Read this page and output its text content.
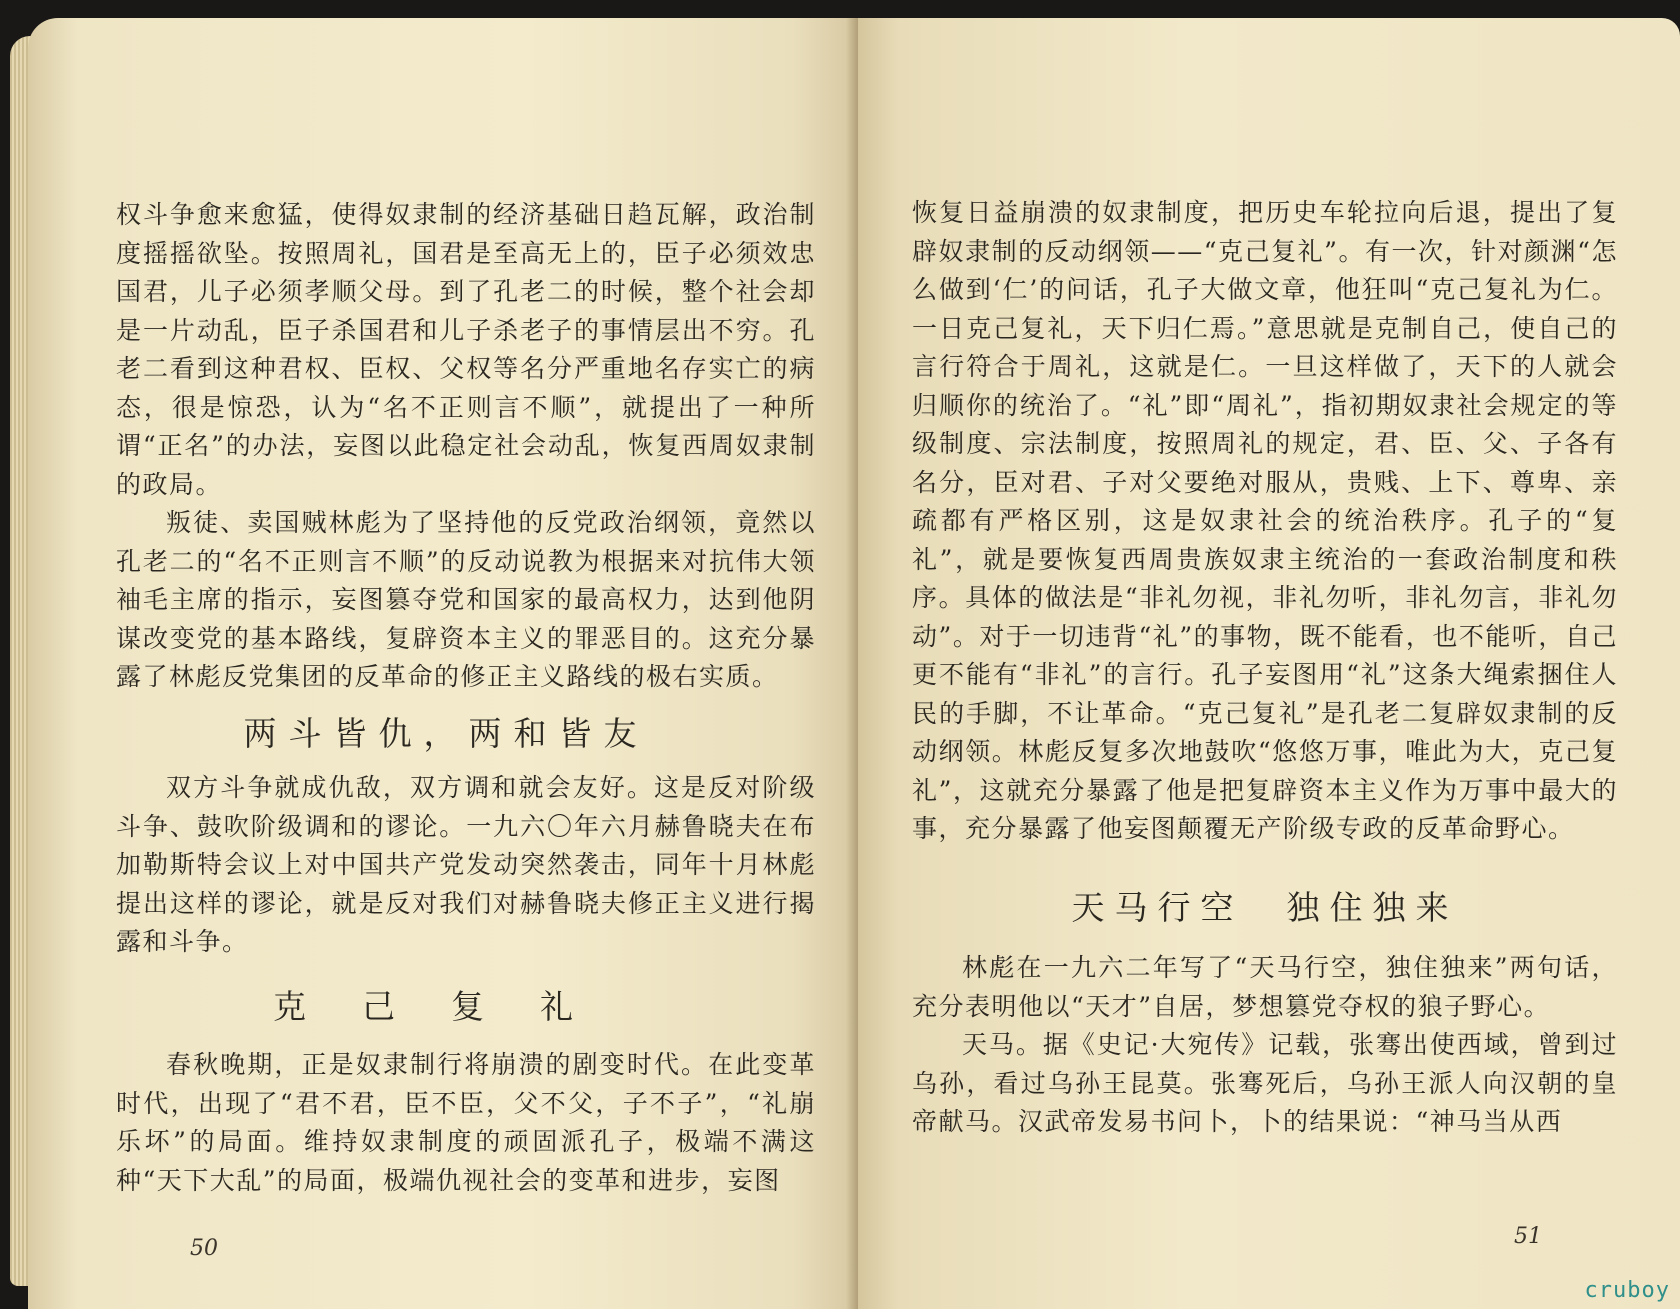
权斗争愈来愈猛，使得奴隶制的经济基础日趋瓦解，政治制度摇摇欲坠。按照周礼，国君是至高无上的，臣子必须效忠国君，儿子必须孝顺父母。到了孔老二的时候，整个社会却是一片动乱，臣子杀国君和儿子杀老子的事情层出不穷。孔老二看到这种君权、臣权、父权等名分严重地名存实亡的病态，很是惊恐，认为“名不正则言不顺”，就提出了一种所谓“正名”的办法，妄图以此稳定社会动乱，恢复西周奴隶制的政局。

叛徒、卖国贼林彪为了坚持他的反党政治纲领，竟然以孔老二的“名不正则言不顺”的反动说教为根据来对抗伟大领袖毛主席的指示，妄图篡夺党和国家的最高权力，达到他阴谋改变党的基本路线，复辟资本主义的罪恶目的。这充分暴露了林彪反党集团的反革命的修正主义路线的极右实质。

两斗皆仇，两和皆友

双方斗争就成仇敌，双方调和就会友好。这是反对阶级斗争、鼓吹阶级调和的谬论。一九六〇年六月赫鲁晓夫在布加勒斯特会议上对中国共产党发动突然袭击，同年十月林彪提出这样的谬论，就是反对我们对赫鲁晓夫修正主义进行揭露和斗争。

克己复礼

春秋晚期，正是奴隶制行将崩溃的剧变时代。在此变革时代，出现了“君不君，臣不臣，父不父，子不子”，“礼崩乐坏”的局面。维持奴隶制度的顽固派孔子，极端不满这种“天下大乱”的局面，极端仇视社会的变革和进步，妄图

50

恢复日益崩溃的奴隶制度，把历史车轮拉向后退，提出了复辟奴隶制的反动纲领——“克己复礼”。有一次，针对颜渊“怎么做到‘仁’的问话，孔子大做文章，他狂叫“克己复礼为仁。一日克己复礼，天下归仁焉。”意思就是克制自己，使自己的言行符合于周礼，这就是仁。一旦这样做了，天下的人就会归顺你的统治了。“礼”即“周礼”，指初期奴隶社会规定的等级制度、宗法制度，按照周礼的规定，君、臣、父、子各有名分，臣对君、子对父要绝对服从，贵贱、上下、尊卑、亲疏都有严格区别，这是奴隶社会的统治秩序。孔子的“复礼”，就是要恢复西周贵族奴隶主统治的一套政治制度和秩序。具体的做法是“非礼勿视，非礼勿听，非礼勿言，非礼勿动”。对于一切违背“礼”的事物，既不能看，也不能听，自己更不能有“非礼”的言行。孔子妄图用“礼”这条大绳索捆住人民的手脚，不让革命。“克己复礼”是孔老二复辟奴隶制的反动纲领。林彪反复多次地鼓吹“悠悠万事，唯此为大，克己复礼”，这就充分暴露了他是把复辟资本主义作为万事中最大的事，充分暴露了他妄图颠覆无产阶级专政的反革命野心。

天马行空　独住独来

林彪在一九六二年写了“天马行空，独住独来”两句话，充分表明他以“天才”自居，梦想篡党夺权的狼子野心。

天马。据《史记·大宛传》记载，张骞出使西域，曾到过乌孙，看过乌孙王昆莫。张骞死后，乌孙王派人向汉朝的皇帝献马。汉武帝发易书问卜，卜的结果说：“神马当从西

51
cruboy
